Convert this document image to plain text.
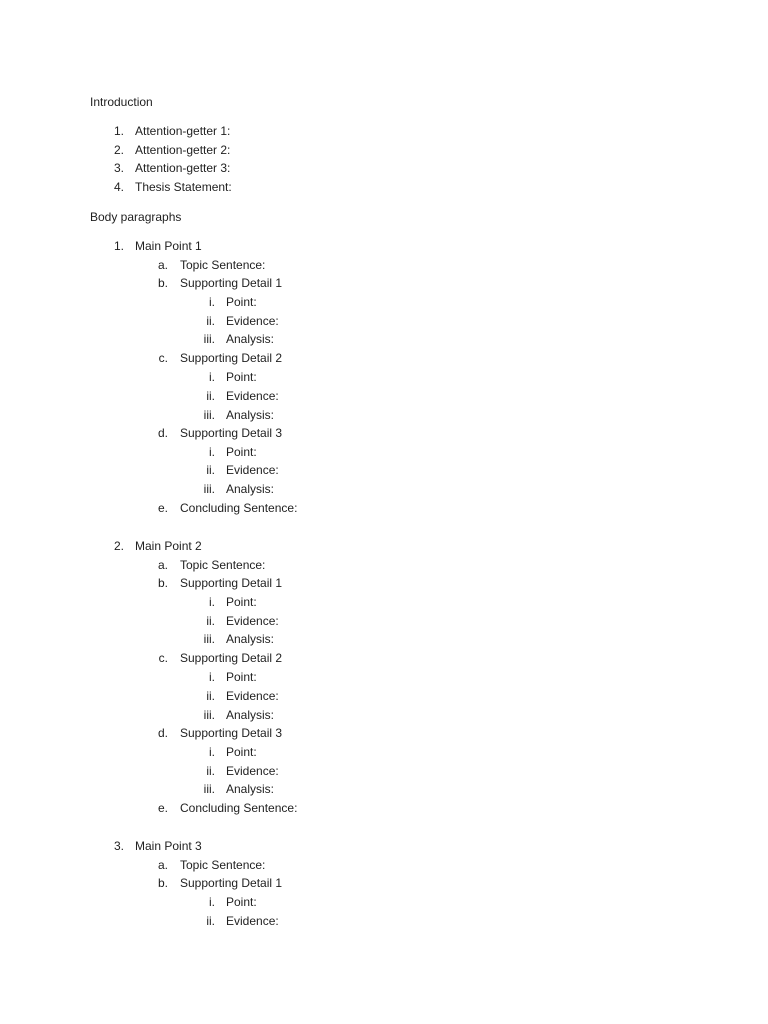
Introduction
1. Attention-getter 1:
2. Attention-getter 2:
3. Attention-getter 3:
4. Thesis Statement:
Body paragraphs
1. Main Point 1
a. Topic Sentence:
b. Supporting Detail 1
i. Point:
ii. Evidence:
iii. Analysis:
c. Supporting Detail 2
i. Point:
ii. Evidence:
iii. Analysis:
d. Supporting Detail 3
i. Point:
ii. Evidence:
iii. Analysis:
e. Concluding Sentence:
2. Main Point 2
a. Topic Sentence:
b. Supporting Detail 1
i. Point:
ii. Evidence:
iii. Analysis:
c. Supporting Detail 2
i. Point:
ii. Evidence:
iii. Analysis:
d. Supporting Detail 3
i. Point:
ii. Evidence:
iii. Analysis:
e. Concluding Sentence:
3. Main Point 3
a. Topic Sentence:
b. Supporting Detail 1
i. Point:
ii. Evidence:
